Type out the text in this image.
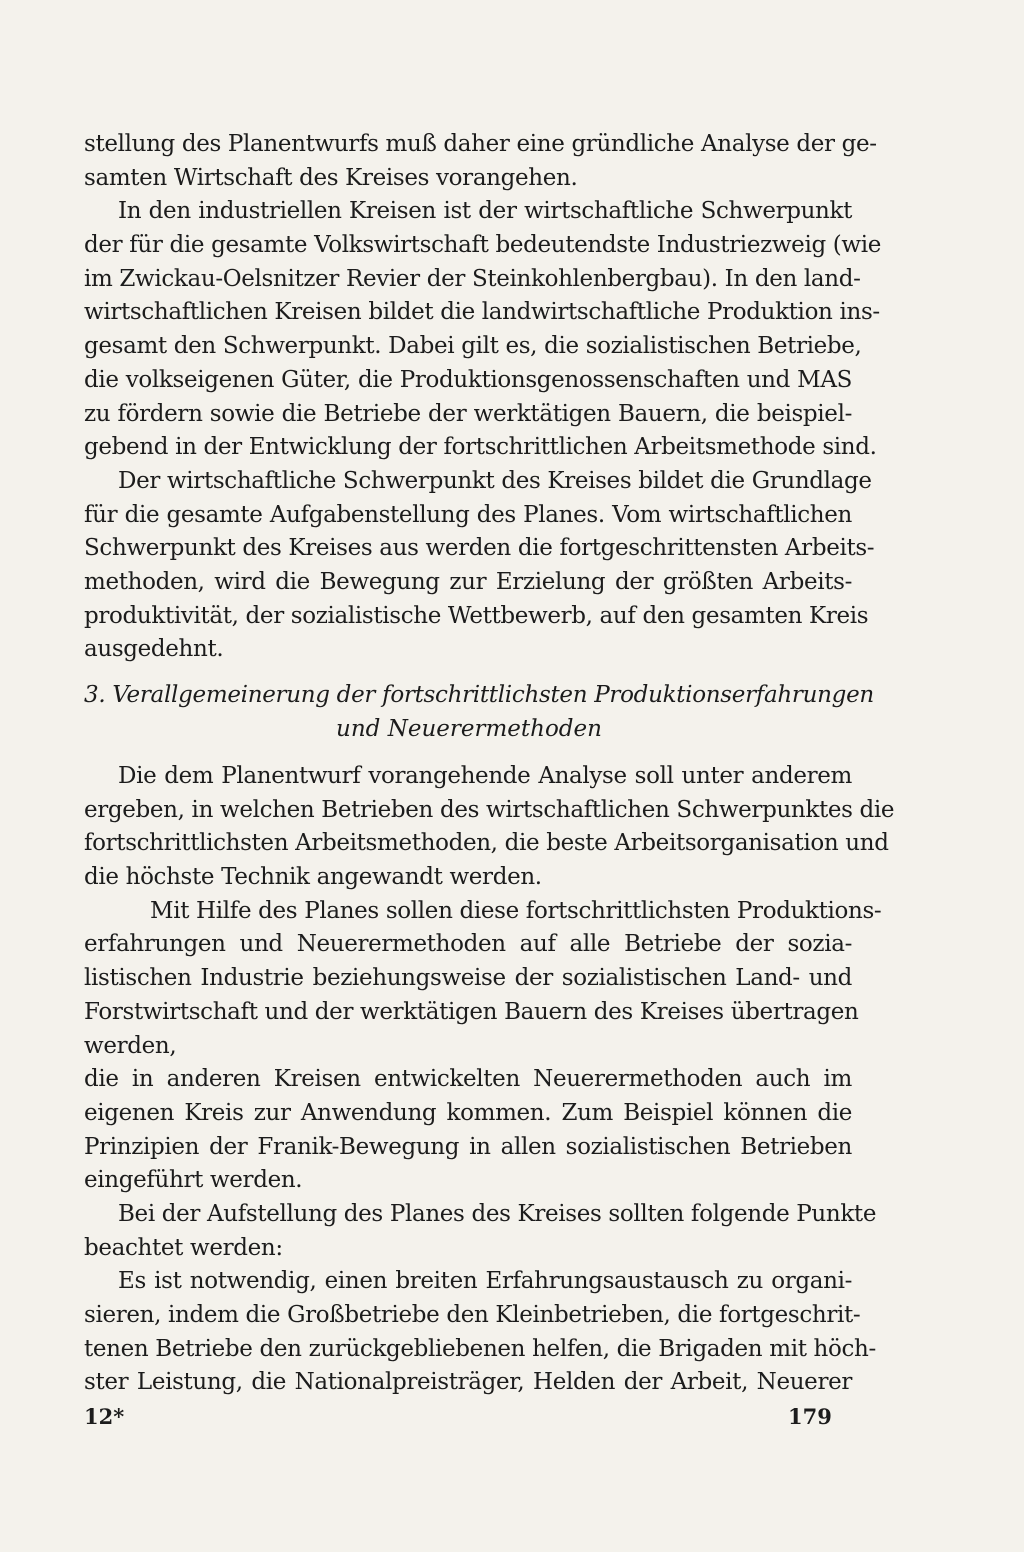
stellung des Planentwurfs muß daher eine gründliche Analyse der ge-
samten Wirtschaft des Kreises vorangehen.
In den industriellen Kreisen ist der wirtschaftliche Schwerpunkt
der für die gesamte Volkswirtschaft bedeutendste Industriezweig (wie
im Zwickau-Oelsnitzer Revier der Steinkohlenbergbau). In den land-
wirtschaftlichen Kreisen bildet die landwirtschaftliche Produktion ins-
gesamt den Schwerpunkt. Dabei gilt es, die sozialistischen Betriebe,
die volkseigenen Güter, die Produktionsgenossenschaften und MAS
zu fördern sowie die Betriebe der werktätigen Bauern, die beispiel-
gebend in der Entwicklung der fortschrittlichen Arbeitsmethode sind.
Der wirtschaftliche Schwerpunkt des Kreises bildet die Grundlage
für die gesamte Aufgabenstellung des Planes. Vom wirtschaftlichen
Schwerpunkt des Kreises aus werden die fortgeschrittensten Arbeits-
methoden, wird die Bewegung zur Erzielung der größten Arbeits-
produktivität, der sozialistische Wettbewerb, auf den gesamten Kreis
ausgedehnt.
3. Verallgemeinerung der fortschrittlichsten Produktionserfahrungen
und Neuerermethoden
Die dem Planentwurf vorangehende Analyse soll unter anderem
ergeben, in welchen Betrieben des wirtschaftlichen Schwerpunktes die
fortschrittlichsten Arbeitsmethoden, die beste Arbeitsorganisation und
die höchste Technik angewandt werden.
Mit Hilfe des Planes sollen diese fortschrittlichsten Produktions-
erfahrungen und Neuerermethoden auf alle Betriebe der sozia-
listischen Industrie beziehungsweise der sozialistischen Land- und
Forstwirtschaft und der werktätigen Bauern des Kreises übertragen
werden,
die in anderen Kreisen entwickelten Neuerermethoden auch im
eigenen Kreis zur Anwendung kommen. Zum Beispiel können die
Prinzipien der Franik-Bewegung in allen sozialistischen Betrieben
eingeführt werden.
Bei der Aufstellung des Planes des Kreises sollten folgende Punkte
beachtet werden:
Es ist notwendig, einen breiten Erfahrungsaustausch zu organi-
sieren, indem die Großbetriebe den Kleinbetrieben, die fortgeschrit-
tenen Betriebe den zurückgebliebenen helfen, die Brigaden mit höch-
ster Leistung, die Nationalpreisträger, Helden der Arbeit, Neuerer
12*	179
